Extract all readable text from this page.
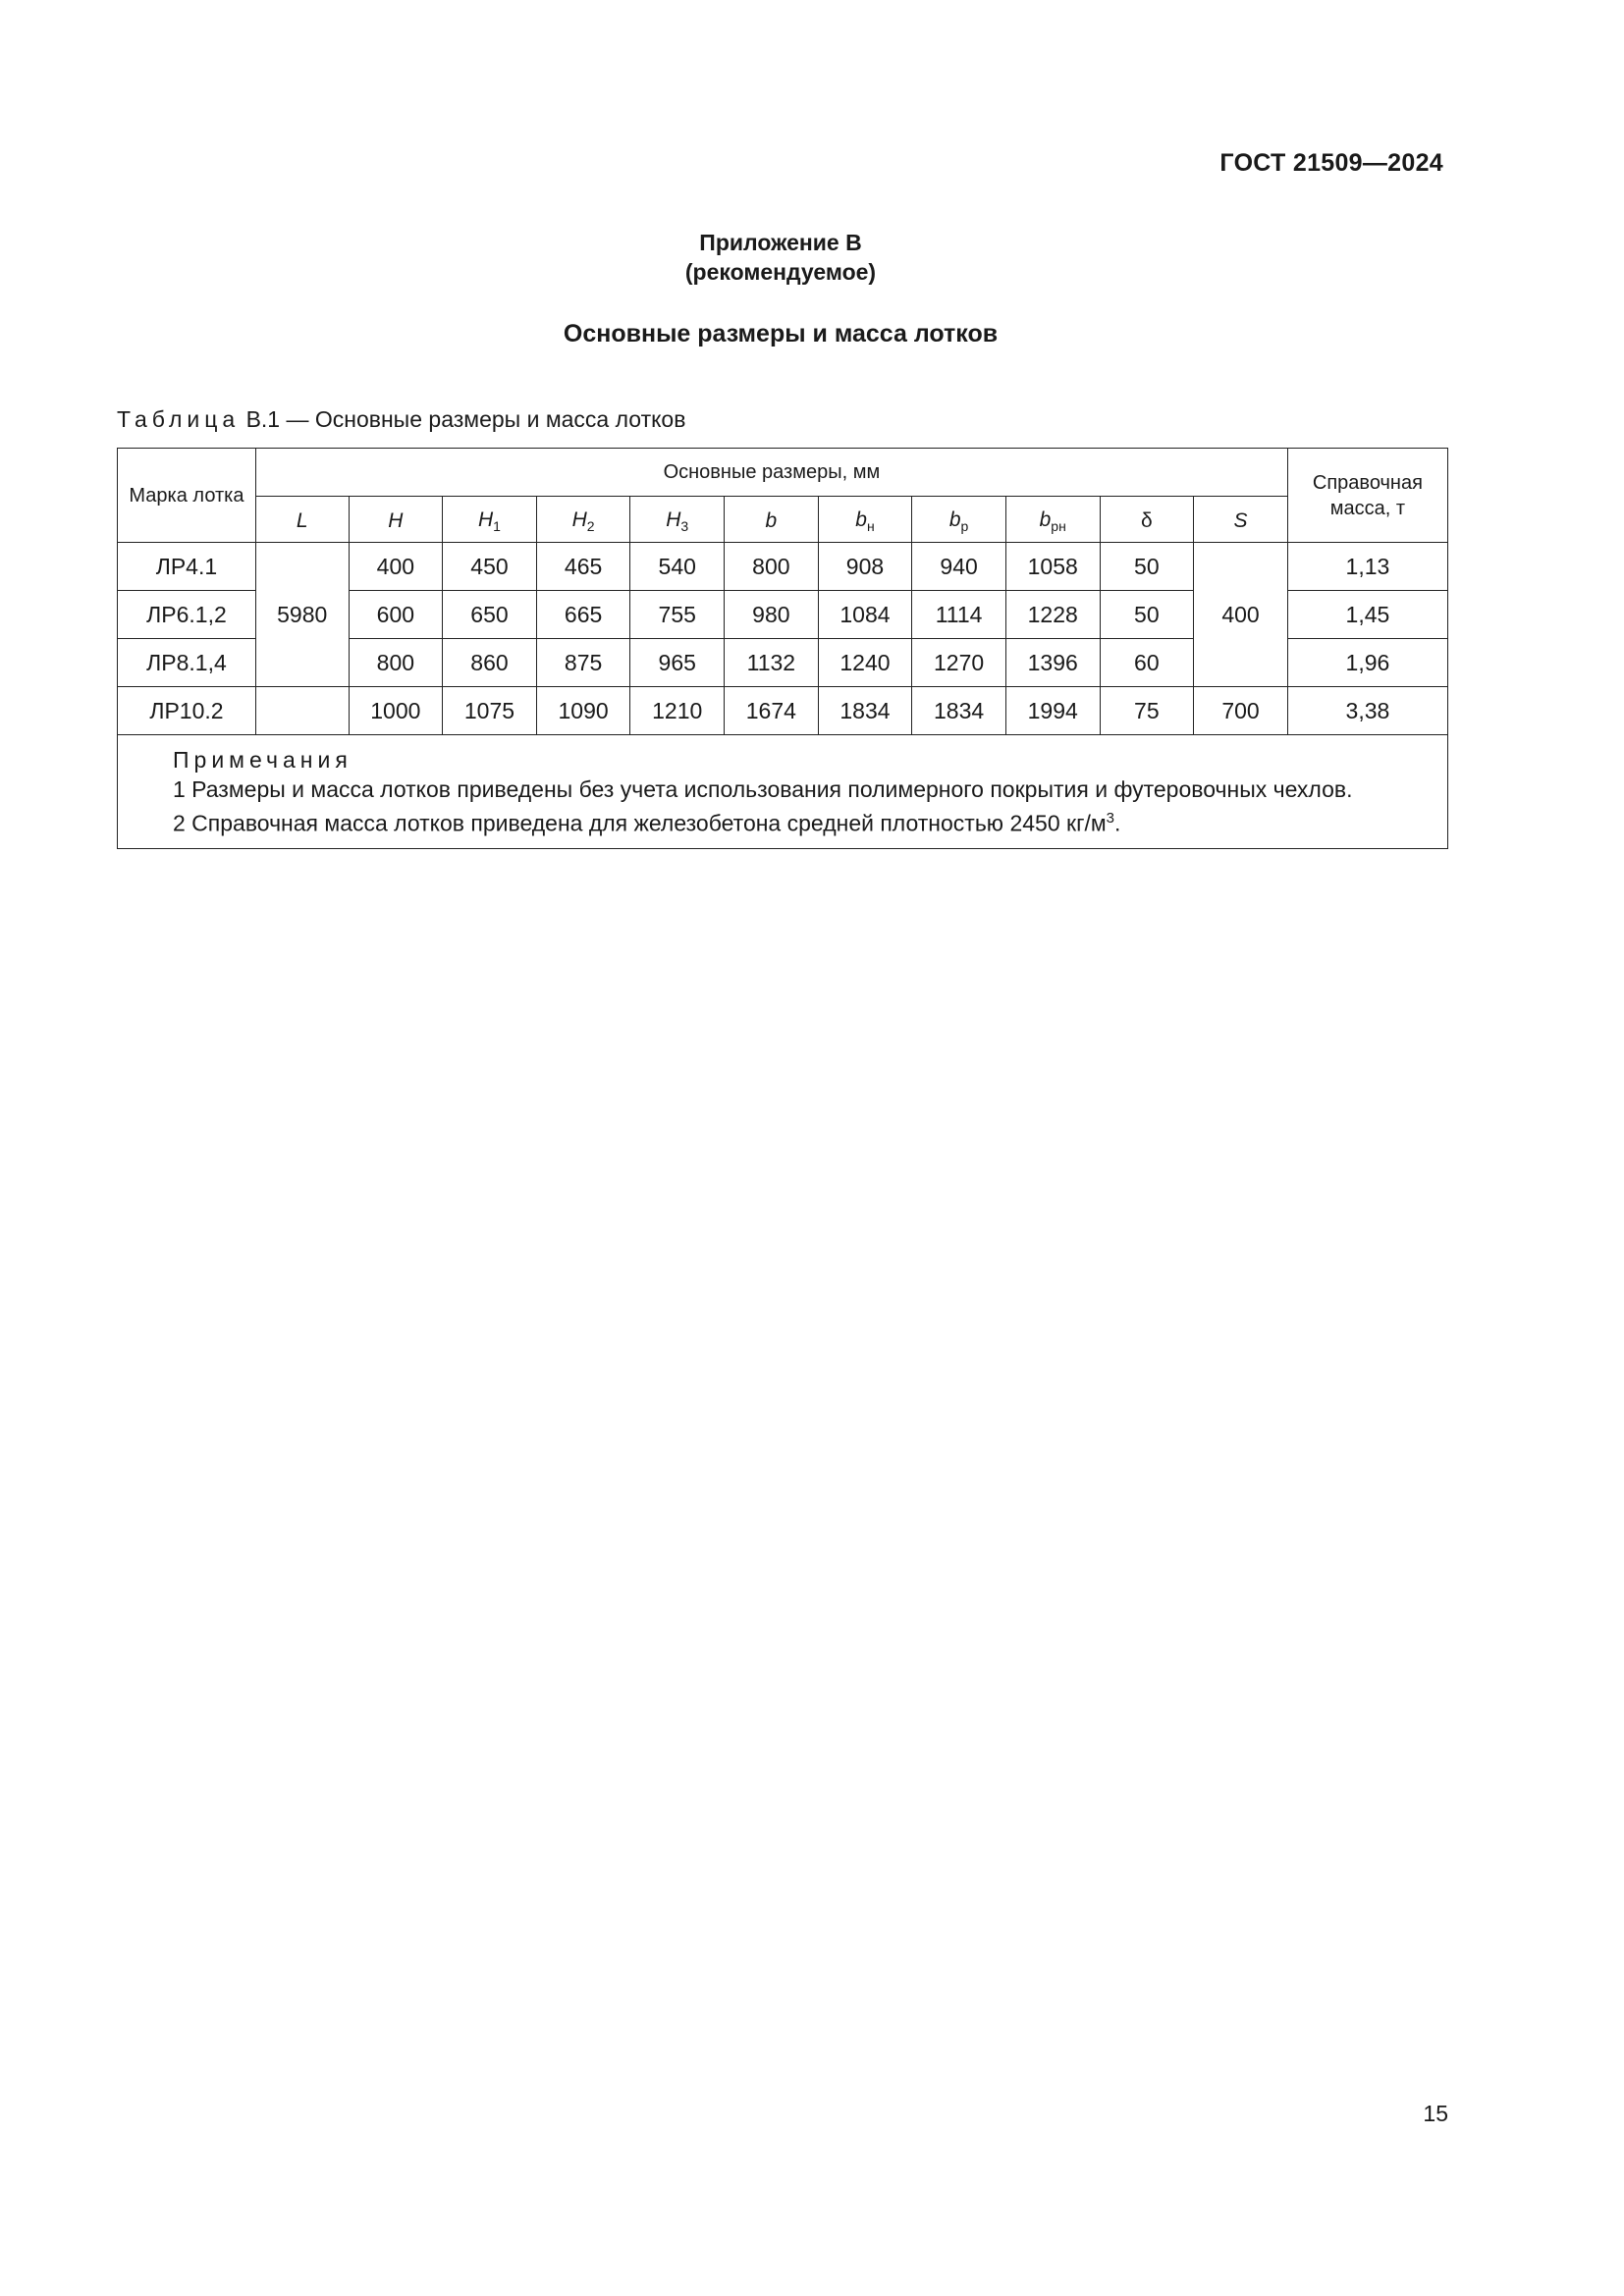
ГОСТ 21509—2024
Приложение В
(рекомендуемое)
Основные размеры и масса лотков
Таблица В.1 — Основные размеры и масса лотков
Марка лотка	Основные размеры, мм											Справочная масса, т
	L	H	$H_1$	$H_2$	$H_3$	b	$b_н$	$b_р$	$b_{рн}$	δ	S	
ЛР4.1	5980	400	450	465	540	800	908	940	1058	50	400	1,13
ЛР6.1,2		600	650	665	755	980	1084	1114	1228	50		1,45
ЛР8.1,4		800	860	875	965	1132	1240	1270	1396	60		1,96
ЛР10.2		1000	1075	1090	1210	1674	1834	1834	1994	75	700	3,38

Примечания
1 Размеры и масса лотков приведены без учета использования полимерного покрытия и футеровочных чехлов.
2 Справочная масса лотков приведена для железобетона средней плотностью 2450 $кг/м^3$.												
15
